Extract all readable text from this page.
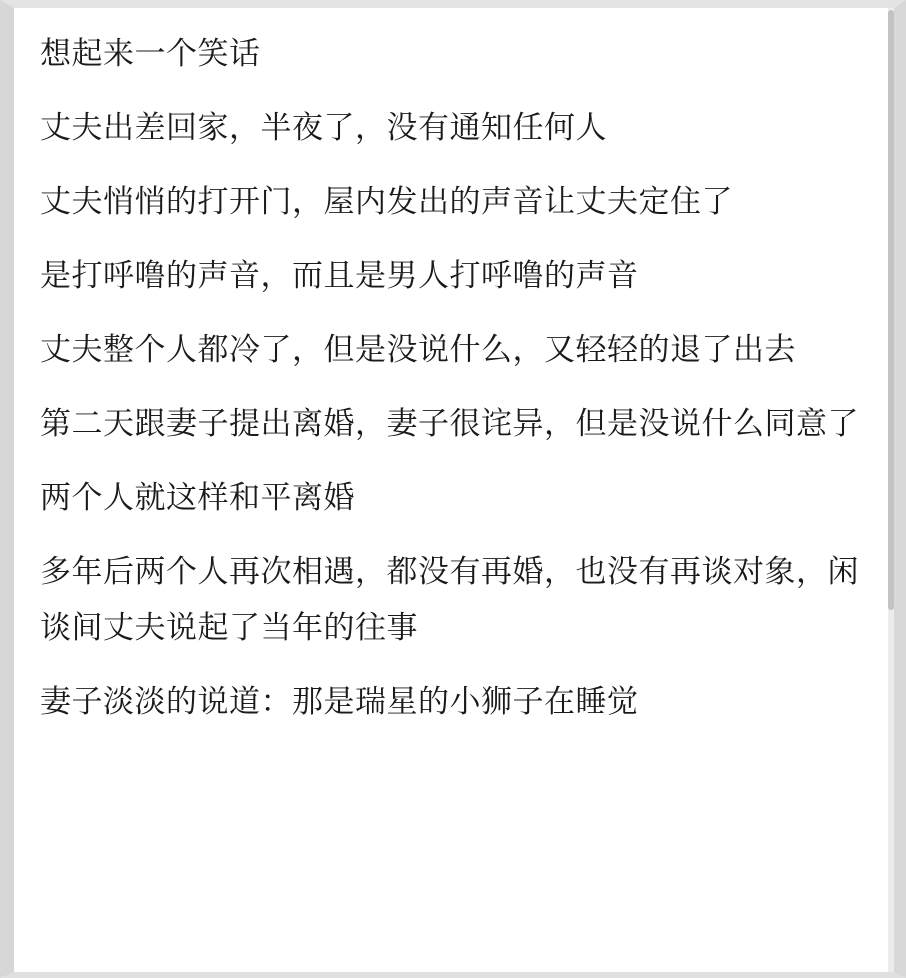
想起来一个笑话

丈夫出差回家，半夜了，没有通知任何人

丈夫悄悄的打开门，屋内发出的声音让丈夫定住了

是打呼噜的声音，而且是男人打呼噜的声音

丈夫整个人都冷了，但是没说什么，又轻轻的退了出去

第二天跟妻子提出离婚，妻子很诧异，但是没说什么同意了

两个人就这样和平离婚

多年后两个人再次相遇，都没有再婚，也没有再谈对象，闲谈间丈夫说起了当年的往事

妻子淡淡的说道：那是瑞星的小狮子在睡觉
